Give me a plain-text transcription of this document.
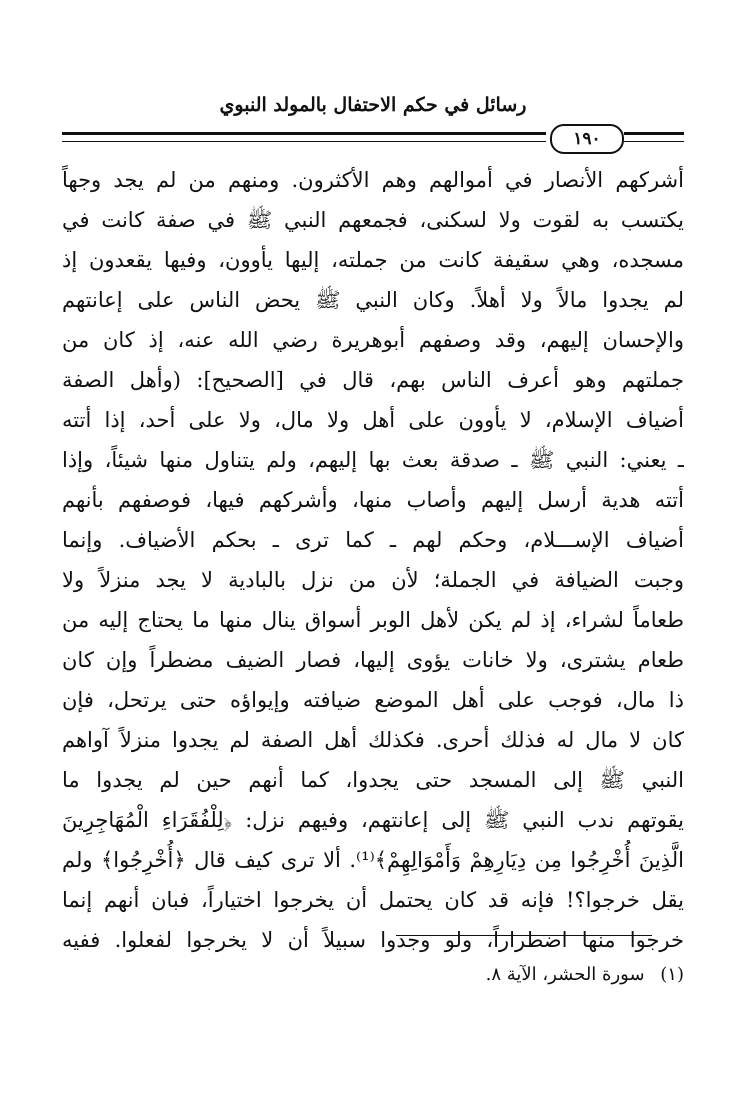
رسائل في حكم الاحتفال بالمولد النبوي
١٩٠
أشركهم الأنصار في أموالهم وهم الأكثرون. ومنهم من لم يجد وجهاً
يكتسب به لقوت ولا لسكنى، فجمعهم النبي ﷺ في صفة كانت في
مسجده، وهي سقيفة كانت من جملته، إليها يأوون، وفيها يقعدون إذ
لم يجدوا مالاً ولا أهلاً. وكان النبي ﷺ يحض الناس على إعانتهم
والإحسان إليهم، وقد وصفهم أبوهريرة رضي الله عنه، إذ كان من
جملتهم وهو أعرف الناس بهم، قال في [الصحيح]: (وأهل الصفة
أضياف الإسلام، لا يأوون على أهل ولا مال، ولا على أحد، إذا أتته
ـ يعني: النبي ﷺ ـ صدقة بعث بها إليهم، ولم يتناول منها شيئاً، وإذا
أتته هدية أرسل إليهم وأصاب منها، وأشركهم فيها، فوصفهم بأنهم
أضياف الإســـلام، وحكم لهم ـ كما ترى ـ بحكم الأضياف. وإنما
وجبت الضيافة في الجملة؛ لأن من نزل بالبادية لا يجد منزلاً ولا
طعاماً لشراء، إذ لم يكن لأهل الوبر أسواق ينال منها ما يحتاج إليه من
طعام يشترى، ولا خانات يؤوى إليها، فصار الضيف مضطراً وإن كان
ذا مال، فوجب على أهل الموضع ضيافته وإيواؤه حتى يرتحل، فإن
كان لا مال له فذلك أحرى. فكذلك أهل الصفة لم يجدوا منزلاً آواهم
النبي ﷺ إلى المسجد حتى يجدوا، كما أنهم حين لم يجدوا ما
يقوتهم ندب النبي ﷺ إلى إعانتهم، وفيهم نزل: ﴿لِلْفُقَرَاءِ الْمُهَاجِرِينَ
الَّذِينَ أُخْرِجُوا مِن دِيَارِهِمْ وَأَمْوَالِهِمْ﴾⁽¹⁾. ألا ترى كيف قال ﴿أُخْرِجُوا﴾ ولم
يقل خرجوا؟! فإنه قد كان يحتمل أن يخرجوا اختياراً، فبان أنهم إنما
خرجوا منها اضطراراً، ولو وجدوا سبيلاً أن لا يخرجوا لفعلوا. ففيه
(١) سورة الحشر، الآية ٨.
